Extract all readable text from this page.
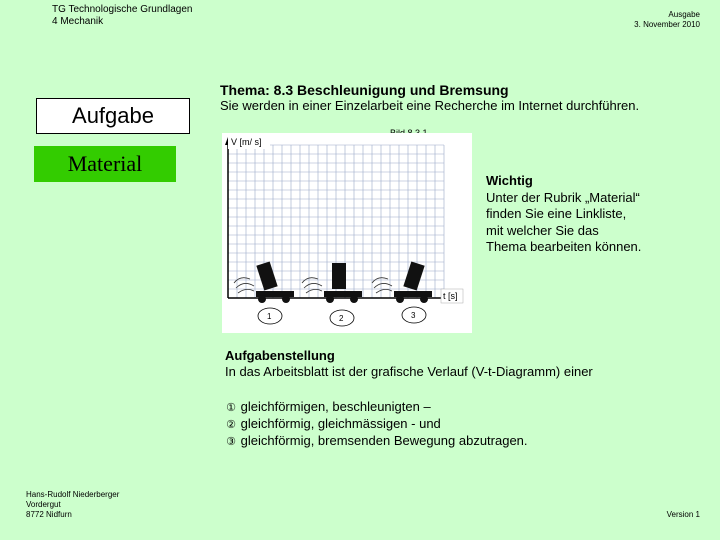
TG Technologische Grundlagen
4 Mechanik
Ausgabe
3. November 2010
Aufgabe
Material
Thema: 8.3 Beschleunigung und Bremsung
Sie werden in einer Einzelarbeit eine Recherche im Internet durchführen.
V [m/ s]
t [s]
1	2	3
Wichtig
Unter der Rubrik „Material“
finden Sie eine Linkliste,
mit welcher Sie das
Thema bearbeiten können.
Aufgabenstellung
In das Arbeitsblatt ist der grafische Verlauf (V-t-Diagramm) einer
① gleichförmigen, beschleunigten –
② gleichförmig, gleichmässigen - und
③ gleichförmig, bremsenden Bewegung abzutragen.
Hans-Rudolf Niederberger
Vordergut
8772 Nidfurn	Version 1
